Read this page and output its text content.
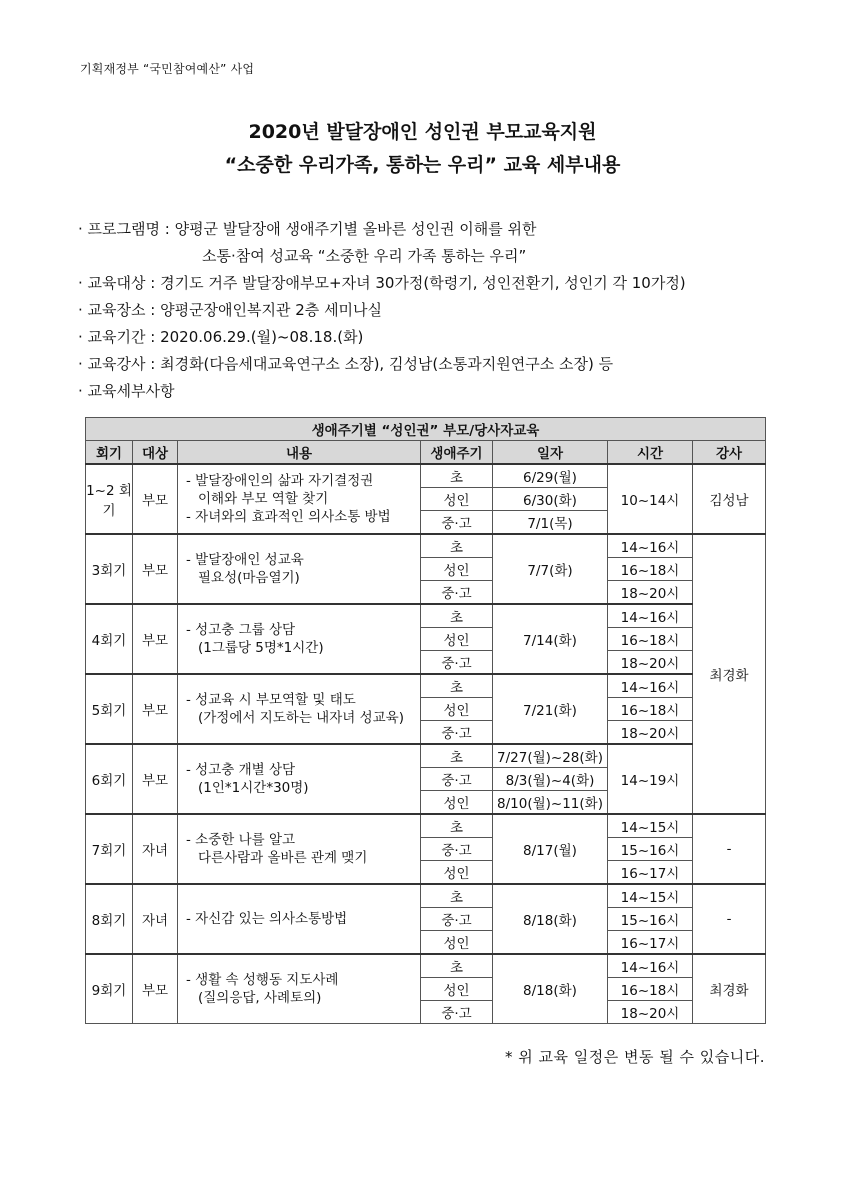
기획재정부 “국민참여예산” 사업
2020년 발달장애인 성인권 부모교육지원
“소중한 우리가족, 통하는 우리” 교육 세부내용
· 프로그램명 : 양평군 발달장애 생애주기별 올바른 성인권 이해를 위한
소통·참여 성교육 “소중한 우리 가족 통하는 우리”
· 교육대상 : 경기도 거주 발달장애부모+자녀 30가정(학령기, 성인전환기, 성인기 각 10가정)
· 교육장소 : 양평군장애인복지관 2층 세미나실
· 교육기간 : 2020.06.29.(월)~08.18.(화)
· 교육강사 : 최경화(다음세대교육연구소 소장), 김성남(소통과지원연구소 소장) 등
· 교육세부사항
생애주기별 “성인권” 부모/당사자교육						
회기	대상	내용	생애주기	일자	시간	강사
1~2 회기	부모	- 발달장애인의 삶과 자기결정권
이해와 부모 역할 찾기
- 자녀와의 효과적인 의사소통 방법	초	6/29(월)	10~14시	김성남
			성인	6/30(화)		
			중·고	7/1(목)		
3회기	부모	- 발달장애인 성교육
필요성(마음열기)	초	7/7(화)	14~16시	최경화
			성인		16~18시	
			중·고		18~20시	
4회기	부모	- 성고충 그룹 상담
(1그룹당 5명*1시간)	초	7/14(화)	14~16시	
			성인		16~18시	
			중·고		18~20시	
5회기	부모	- 성교육 시 부모역할 및 태도
(가정에서 지도하는 내자녀 성교육)	초	7/21(화)	14~16시	
			성인		16~18시	
			중·고		18~20시	
6회기	부모	- 성고충 개별 상담
(1인*1시간*30명)	초	7/27(월)~28(화)	14~19시	
			중·고	8/3(월)~4(화)		
			성인	8/10(월)~11(화)		
7회기	자녀	- 소중한 나를 알고
다른사람과 올바른 관계 맺기	초	8/17(월)	14~15시	-
			중·고		15~16시	
			성인		16~17시	
8회기	자녀	- 자신감 있는 의사소통방법	초	8/18(화)	14~15시	-
			중·고		15~16시	
			성인		16~17시	
9회기	부모	- 생활 속 성행동 지도사례
(질의응답, 사례토의)	초	8/18(화)	14~16시	최경화
			성인		16~18시	
			중·고		18~20시	
* 위 교육 일정은 변동 될 수 있습니다.
